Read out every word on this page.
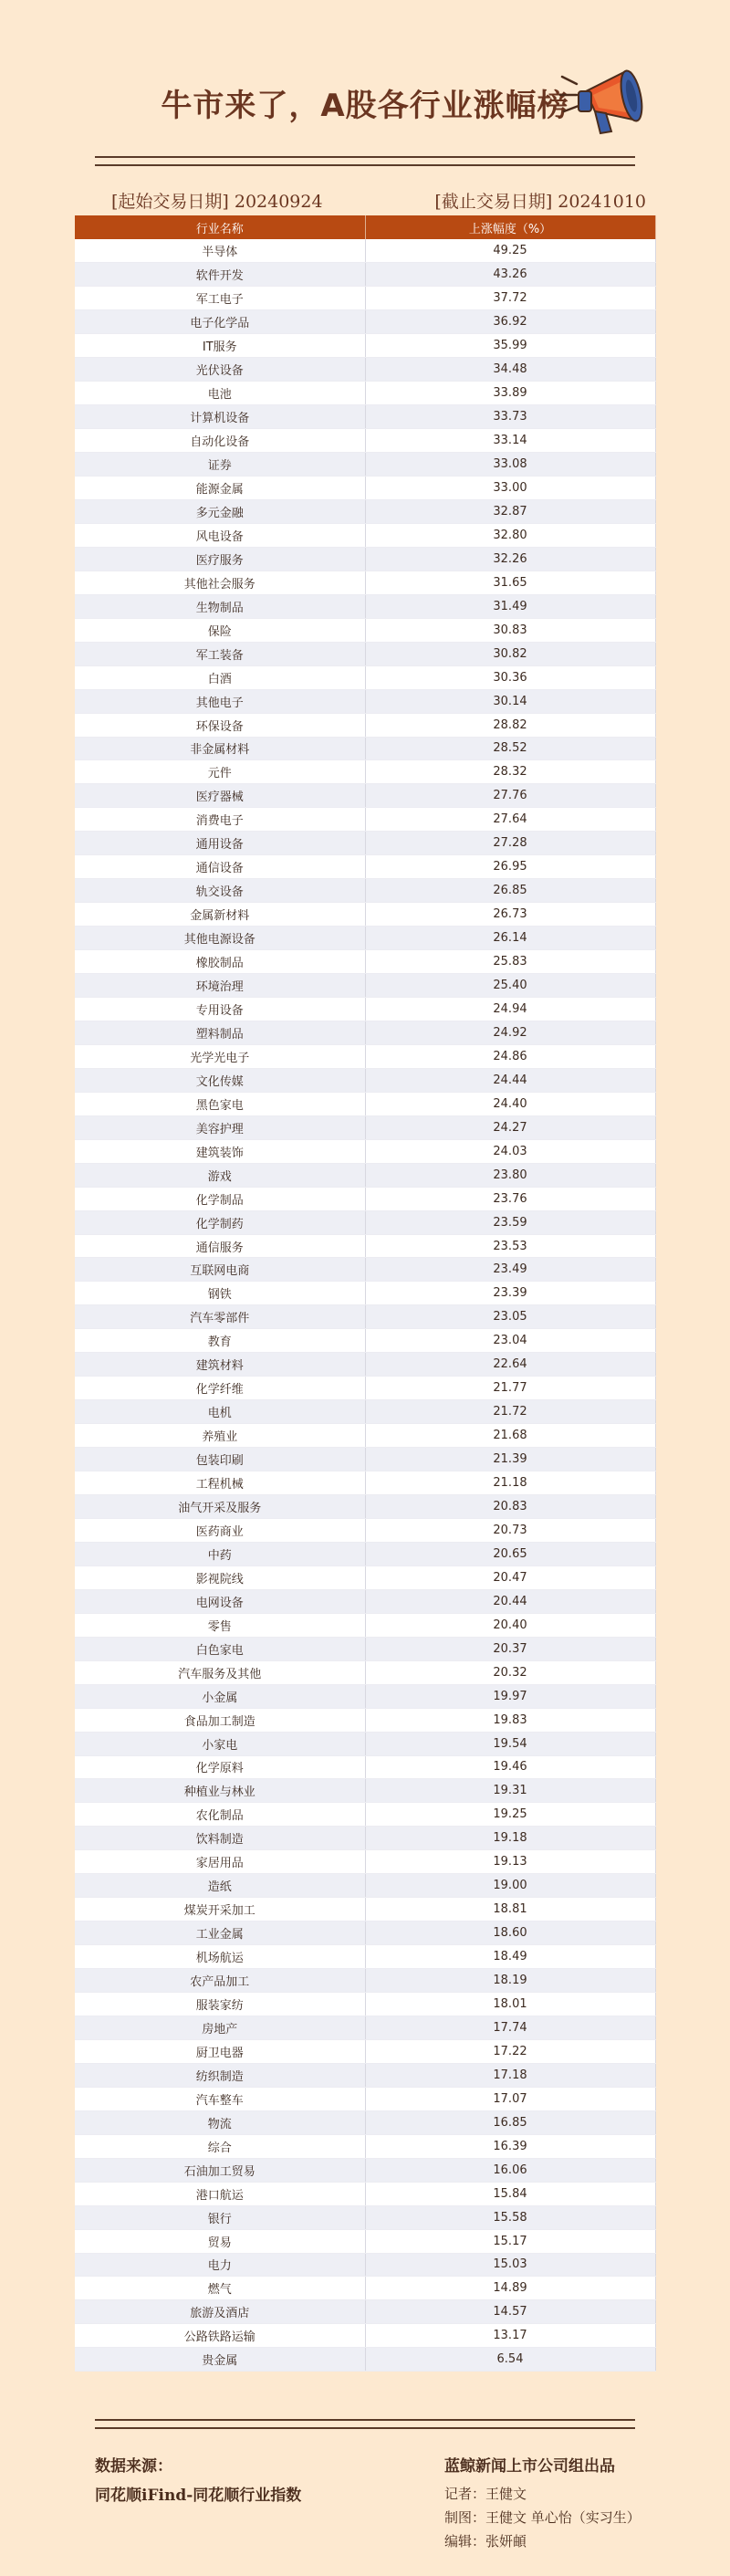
牛市来了，A股各行业涨幅榜
[起始交易日期] 20240924	[截止交易日期] 20241010
行业名称	上涨幅度（%）
半导体	49.25
软件开发	43.26
军工电子	37.72
电子化学品	36.92
IT服务	35.99
光伏设备	34.48
电池	33.89
计算机设备	33.73
自动化设备	33.14
证券	33.08
能源金属	33.00
多元金融	32.87
风电设备	32.80
医疗服务	32.26
其他社会服务	31.65
生物制品	31.49
保险	30.83
军工装备	30.82
白酒	30.36
其他电子	30.14
环保设备	28.82
非金属材料	28.52
元件	28.32
医疗器械	27.76
消费电子	27.64
通用设备	27.28
通信设备	26.95
轨交设备	26.85
金属新材料	26.73
其他电源设备	26.14
橡胶制品	25.83
环境治理	25.40
专用设备	24.94
塑料制品	24.92
光学光电子	24.86
文化传媒	24.44
黑色家电	24.40
美容护理	24.27
建筑装饰	24.03
游戏	23.80
化学制品	23.76
化学制药	23.59
通信服务	23.53
互联网电商	23.49
钢铁	23.39
汽车零部件	23.05
教育	23.04
建筑材料	22.64
化学纤维	21.77
电机	21.72
养殖业	21.68
包装印刷	21.39
工程机械	21.18
油气开采及服务	20.83
医药商业	20.73
中药	20.65
影视院线	20.47
电网设备	20.44
零售	20.40
白色家电	20.37
汽车服务及其他	20.32
小金属	19.97
食品加工制造	19.83
小家电	19.54
化学原料	19.46
种植业与林业	19.31
农化制品	19.25
饮料制造	19.18
家居用品	19.13
造纸	19.00
煤炭开采加工	18.81
工业金属	18.60
机场航运	18.49
农产品加工	18.19
服装家纺	18.01
房地产	17.74
厨卫电器	17.22
纺织制造	17.18
汽车整车	17.07
物流	16.85
综合	16.39
石油加工贸易	16.06
港口航运	15.84
银行	15.58
贸易	15.17
电力	15.03
燃气	14.89
旅游及酒店	14.57
公路铁路运输	13.17
贵金属	6.54
数据来源：
同花顺iFind-同花顺行业指数
蓝鲸新闻上市公司组出品
记者：王健文
制图：王健文 单心怡（实习生）
编辑：张妍頔
